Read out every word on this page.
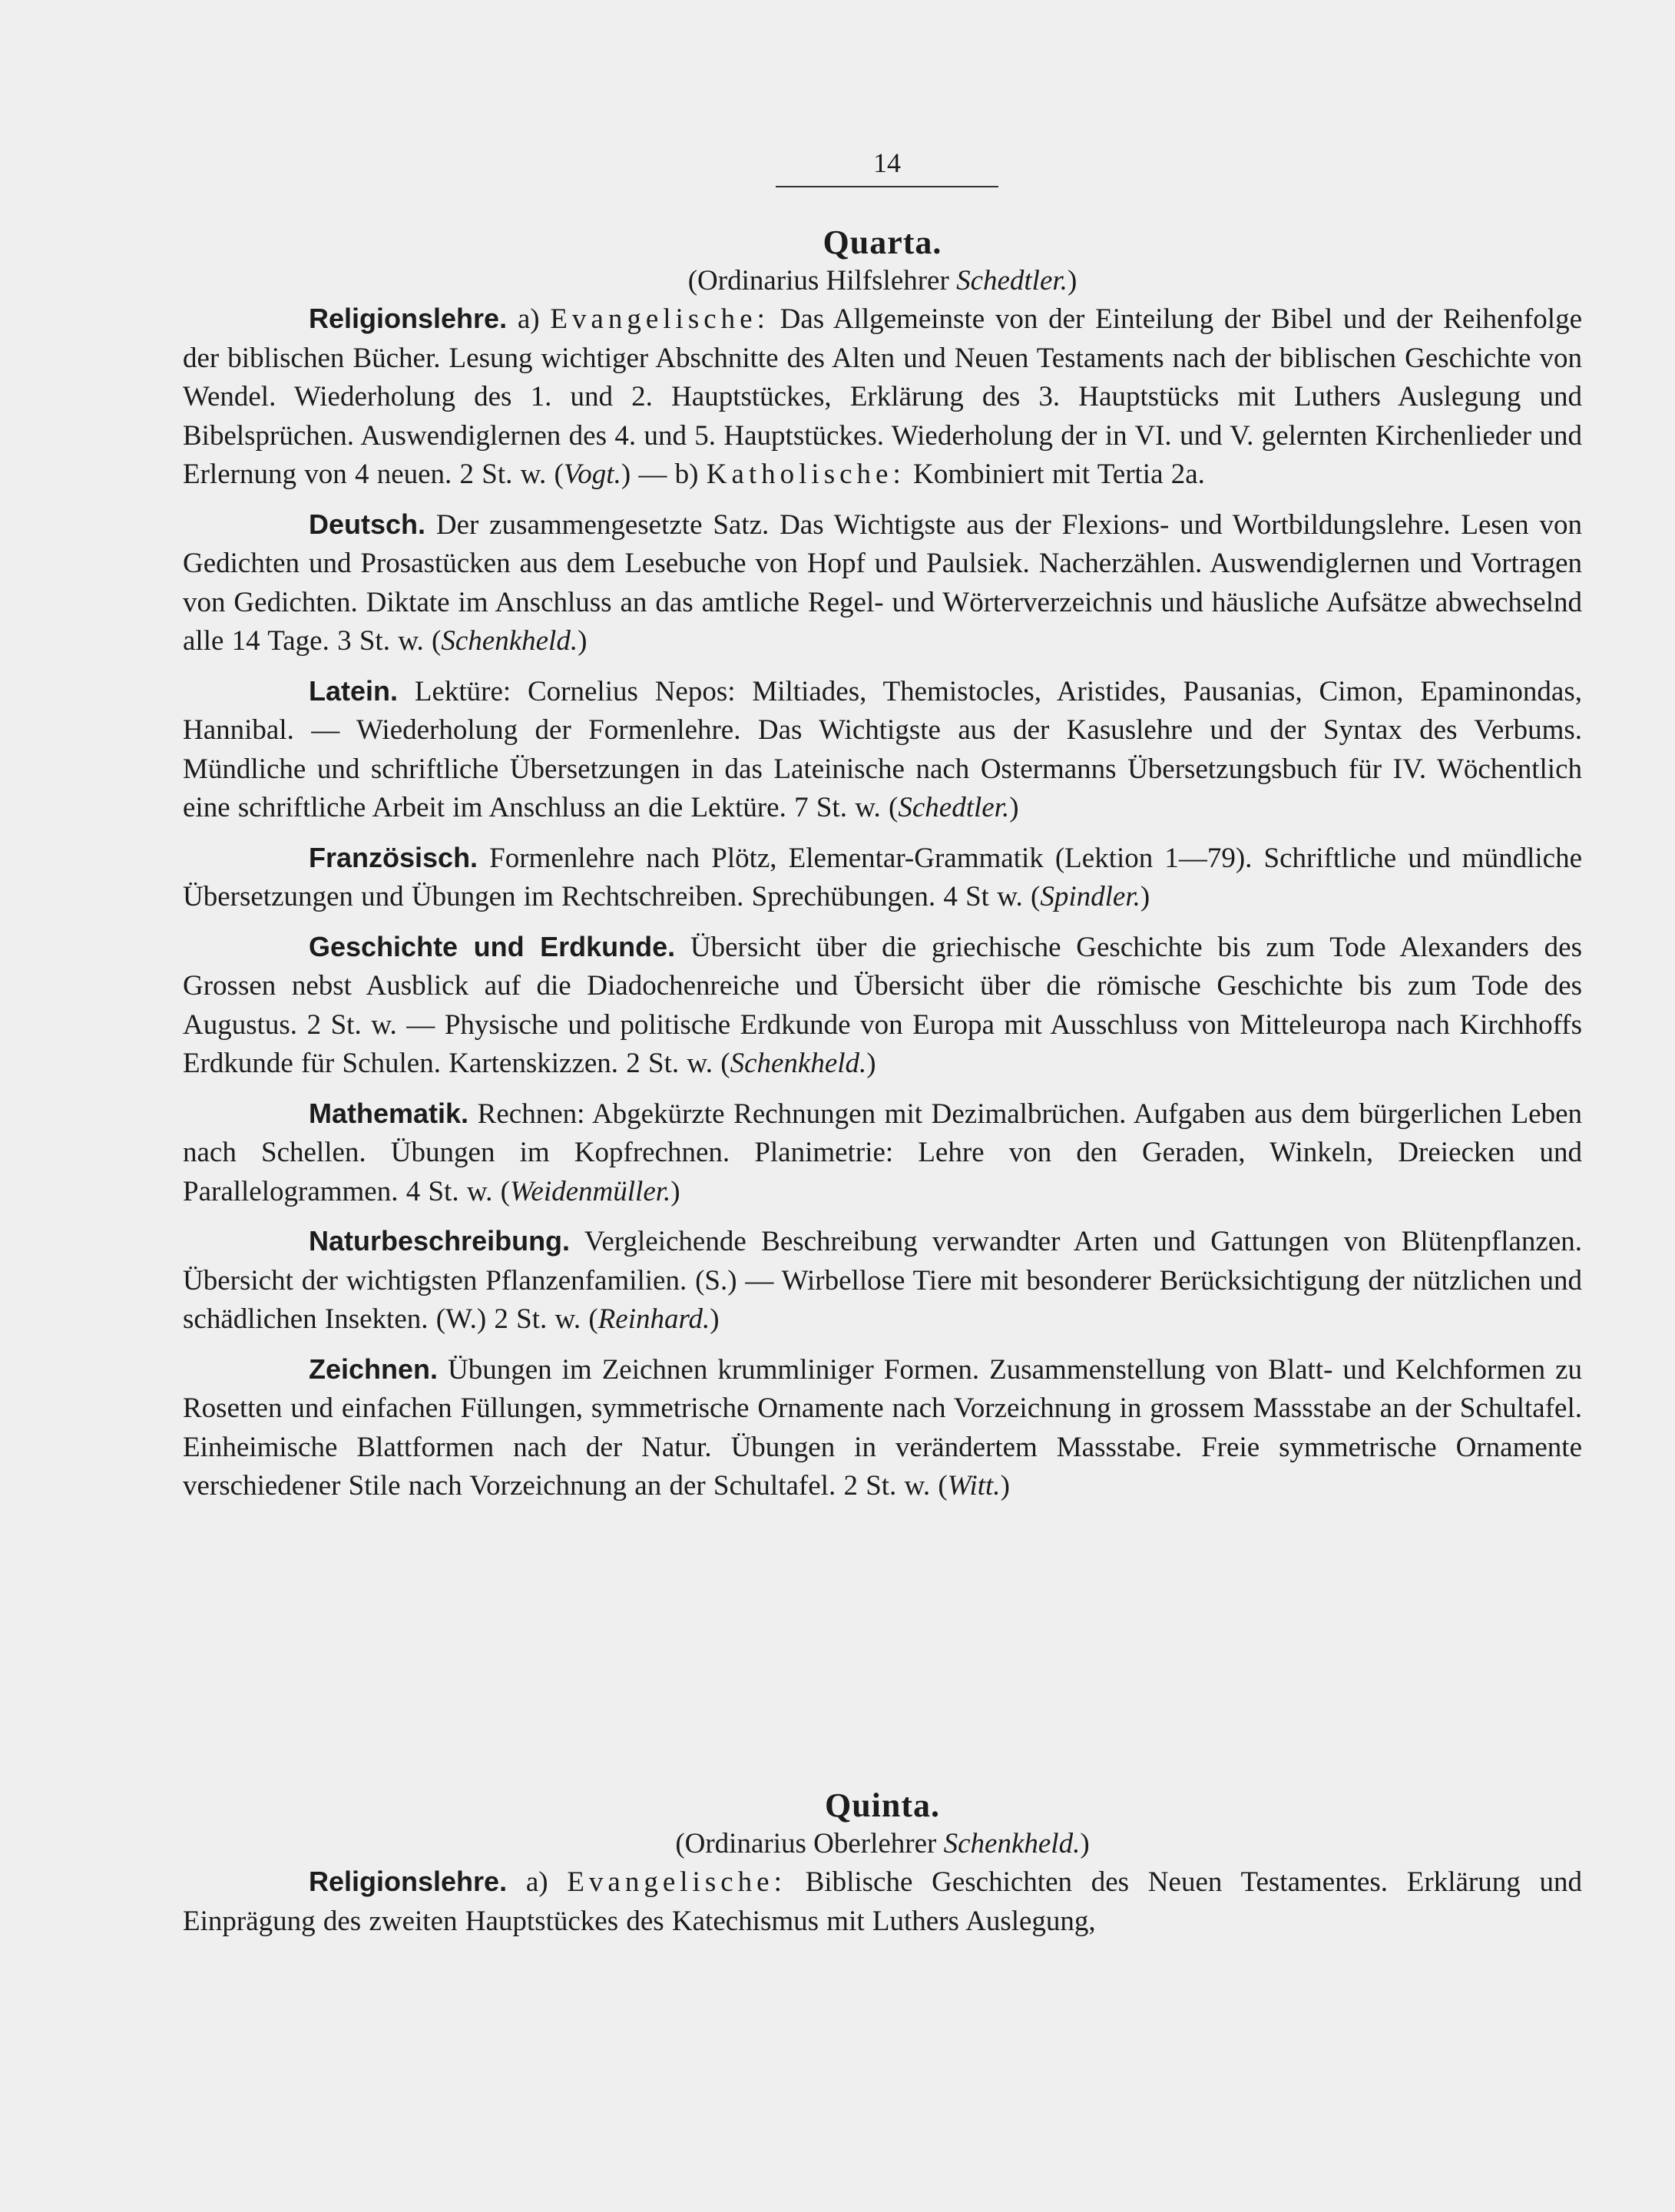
14
Quarta.
(Ordinarius Hilfslehrer Schedtler.)

Religionslehre. a) Evangelische: Das Allgemeinste von der Einteilung der Bibel und der Reihenfolge der biblischen Bücher. Lesung wichtiger Abschnitte des Alten und Neuen Testaments nach der biblischen Geschichte von Wendel. Wiederholung des 1. und 2. Hauptstückes, Erklärung des 3. Hauptstücks mit Luthers Auslegung und Bibelsprüchen. Auswendiglernen des 4. und 5. Hauptstückes. Wiederholung der in VI. und V. gelernten Kirchenlieder und Erlernung von 4 neuen. 2 St. w. (Vogt.) — b) Katholische: Kombiniert mit Tertia 2a.

Deutsch. Der zusammengesetzte Satz. Das Wichtigste aus der Flexions- und Wortbildungslehre. Lesen von Gedichten und Prosastücken aus dem Lesebuche von Hopf und Paulsiek. Nacherzählen. Auswendiglernen und Vortragen von Gedichten. Diktate im Anschluss an das amtliche Regel- und Wörterverzeichnis und häusliche Aufsätze abwechselnd alle 14 Tage. 3 St. w. (Schenkheld.)

Latein. Lektüre: Cornelius Nepos: Miltiades, Themistocles, Aristides, Pausanias, Cimon, Epaminondas, Hannibal. — Wiederholung der Formenlehre. Das Wichtigste aus der Kasuslehre und der Syntax des Verbums. Mündliche und schriftliche Übersetzungen in das Lateinische nach Ostermanns Übersetzungsbuch für IV. Wöchentlich eine schriftliche Arbeit im Anschluss an die Lektüre. 7 St. w. (Schedtler.)

Französisch. Formenlehre nach Plötz, Elementar-Grammatik (Lektion 1—79). Schriftliche und mündliche Übersetzungen und Übungen im Rechtschreiben. Sprechübungen. 4 St w. (Spindler.)

Geschichte und Erdkunde. Übersicht über die griechische Geschichte bis zum Tode Alexanders des Grossen nebst Ausblick auf die Diadochenreiche und Übersicht über die römische Geschichte bis zum Tode des Augustus. 2 St. w. — Physische und politische Erdkunde von Europa mit Ausschluss von Mitteleuropa nach Kirchhoffs Erdkunde für Schulen. Kartenskizzen. 2 St. w. (Schenkheld.)

Mathematik. Rechnen: Abgekürzte Rechnungen mit Dezimalbrüchen. Aufgaben aus dem bürgerlichen Leben nach Schellen. Übungen im Kopfrechnen. Planimetrie: Lehre von den Geraden, Winkeln, Dreiecken und Parallelogrammen. 4 St. w. (Weidenmüller.)

Naturbeschreibung. Vergleichende Beschreibung verwandter Arten und Gattungen von Blütenpflanzen. Übersicht der wichtigsten Pflanzenfamilien. (S.) — Wirbellose Tiere mit besonderer Berücksichtigung der nützlichen und schädlichen Insekten. (W.) 2 St. w. (Reinhard.)

Zeichnen. Übungen im Zeichnen krummliniger Formen. Zusammenstellung von Blatt- und Kelchformen zu Rosetten und einfachen Füllungen, symmetrische Ornamente nach Vorzeichnung in grossem Massstabe an der Schultafel. Einheimische Blattformen nach der Natur. Übungen in verändertem Massstabe. Freie symmetrische Ornamente verschiedener Stile nach Vorzeichnung an der Schultafel. 2 St. w. (Witt.)

Quinta.
(Ordinarius Oberlehrer Schenkheld.)

Religionslehre. a) Evangelische: Biblische Geschichten des Neuen Testamentes. Erklärung und Einprägung des zweiten Hauptstückes des Katechismus mit Luthers Auslegung,
